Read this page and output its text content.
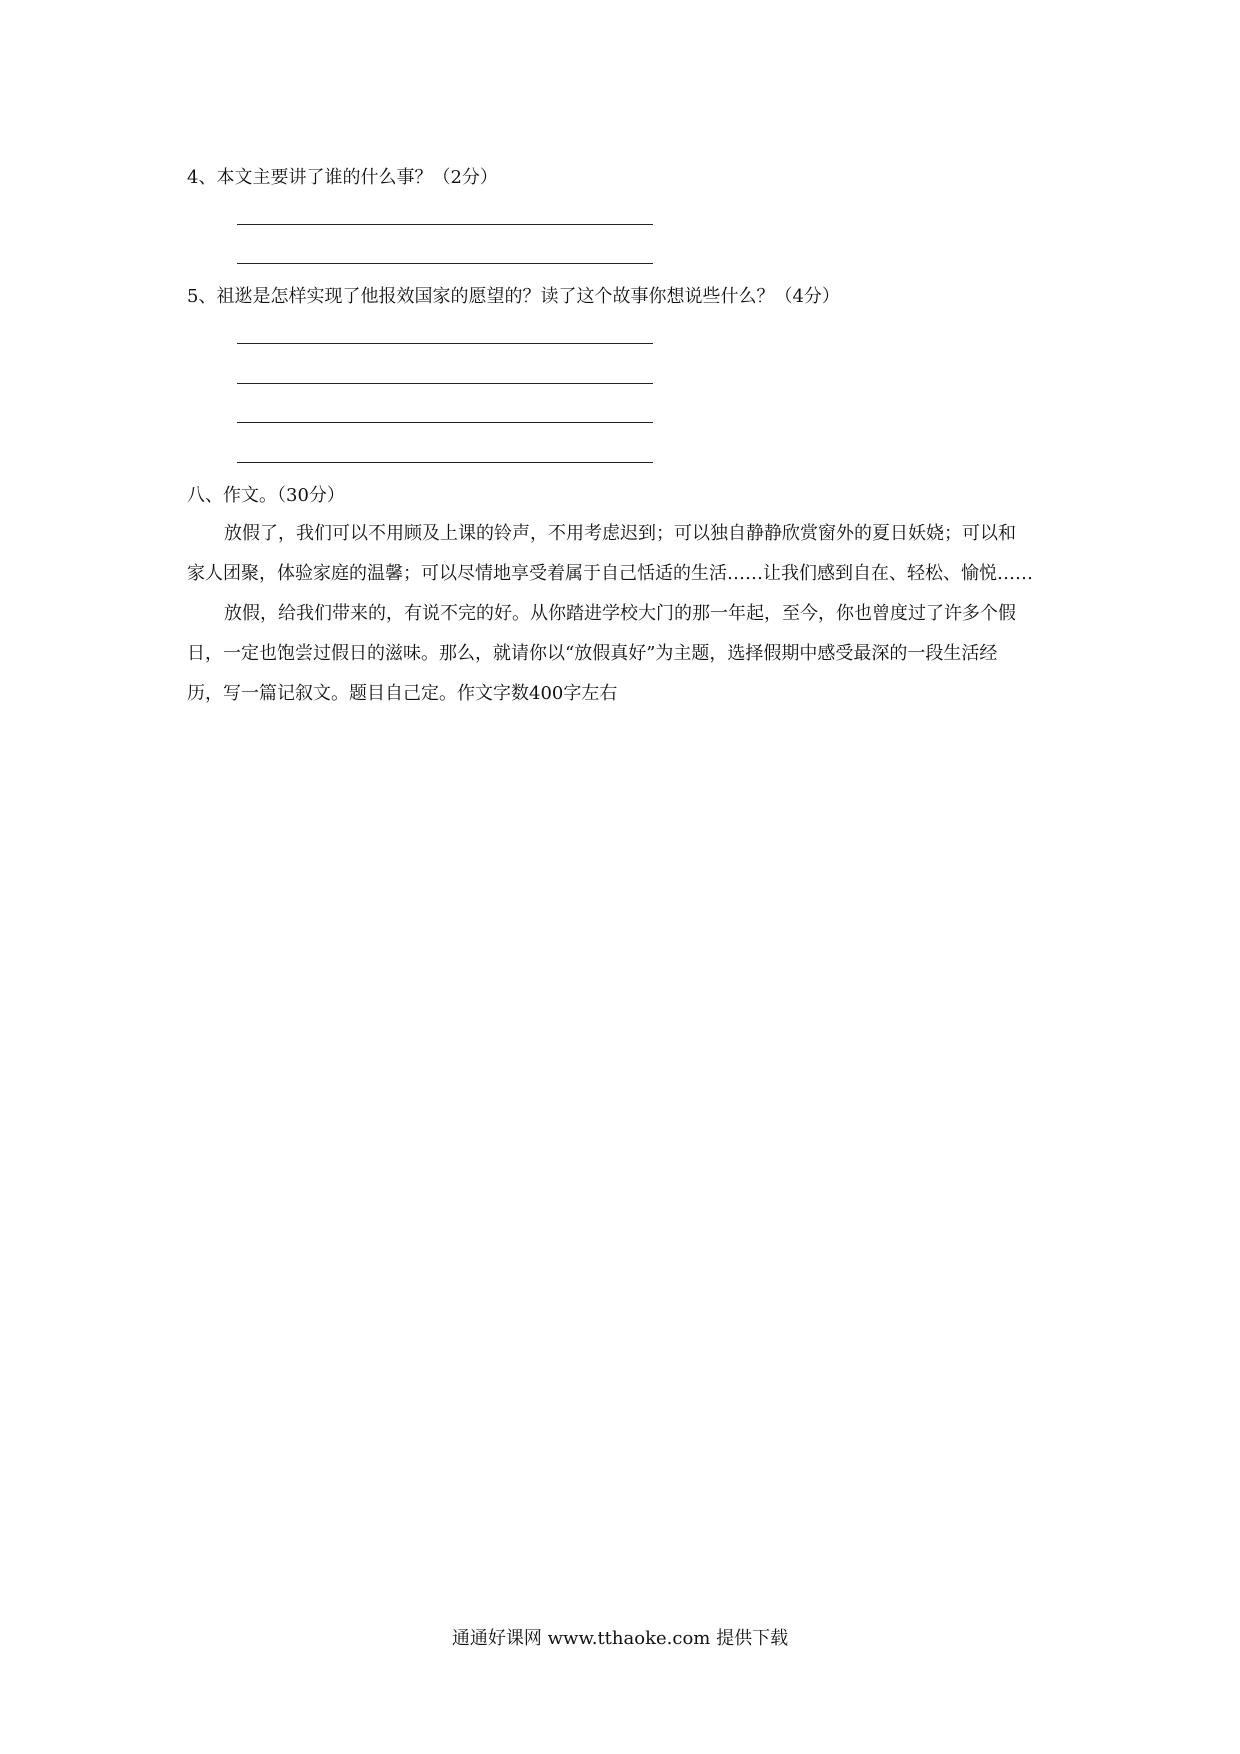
4、本文主要讲了谁的什么事？（2分）
5、祖逖是怎样实现了他报效国家的愿望的？读了这个故事你想说些什么？（4分）
八、作文。（30分）
放假了，我们可以不用顾及上课的铃声，不用考虑迟到；可以独自静静欣赏窗外的夏日妖娆；可以和
家人团聚，体验家庭的温馨；可以尽情地享受着属于自己恬适的生活……让我们感到自在、轻松、愉悦……
放假，给我们带来的，有说不完的好。从你踏进学校大门的那一年起，至今，你也曾度过了许多个假
日，一定也饱尝过假日的滋味。那么，就请你以“放假真好”为主题，选择假期中感受最深的一段生活经
历，写一篇记叙文。题目自己定。作文字数400字左右
通通好课网 www.tthaoke.com 提供下载
